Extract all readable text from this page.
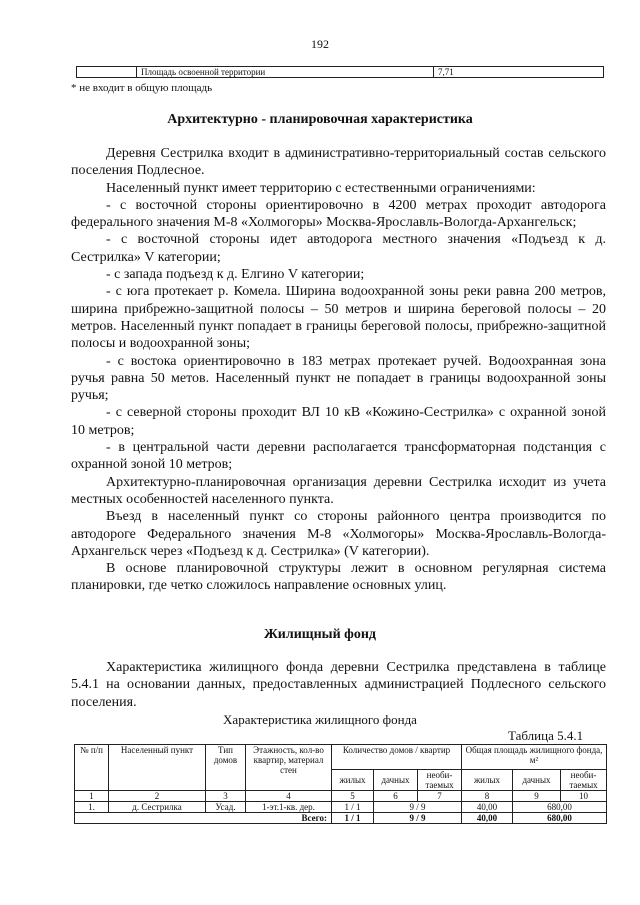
192
Площадь освоенной территории	7,71
* не входит в общую площадь
Архитектурно - планировочная характеристика

Деревня Сестрилка входит в административно-территориальный состав сельского поселения Подлесное.

Населенный пункт имеет территорию с естественными ограничениями:

- с восточной стороны ориентировочно в 4200 метрах проходит автодорога федерального значения М-8 «Холмогоры» Москва-Ярославль-Вологда-Архангельск;

- с восточной стороны идет автодорога местного значения «Подъезд к д. Сестрилка» V категории;

- с запада подъезд к д. Елгино V категории;

- с юга протекает р. Комела. Ширина водоохранной зоны реки равна 200 метров, ширина прибрежно-защитной полосы – 50 метров и ширина береговой полосы – 20 метров. Населенный пункт попадает в границы береговой полосы, прибрежно-защитной полосы и водоохранной зоны;

- с востока ориентировочно в 183 метрах протекает ручей. Водоохранная зона ручья равна 50 метов. Населенный пункт не попадает в границы водоохранной зоны ручья;

- с северной стороны проходит ВЛ 10 кВ «Кожино-Сестрилка» с охранной зоной 10 метров;

- в центральной части деревни располагается трансформаторная подстанция с охранной зоной 10 метров;

Архитектурно-планировочная организация деревни Сестрилка исходит из учета местных особенностей населенного пункта.

Въезд в населенный пункт со стороны районного центра производится по автодороге Федерального значения М-8 «Холмогоры» Москва-Ярославль-Вологда-Архангельск через «Подъезд к д. Сестрилка» (V категории).

В основе планировочной структуры лежит в основном регулярная система планировки, где четко сложилось направление основных улиц.

Жилищный фонд

Характеристика жилищного фонда деревни Сестрилка представлена в таблице 5.4.1 на основании данных, предоставленных администрацией Подлесного сельского поселения.

Характеристика жилищного фонда
Таблица 5.4.1
№ п/п	Населенный пункт	Тип домов	Этажность, кол-во квартир, материал стен	Количество домов / квартир			Общая площадь жилищного фонда, м²		
				жилых	дачных	необи-таемых	жилых	дачных	необи-таемых
1	2	3	4	5	6	7	8	9	10
1.	д. Сестрилка	Усад.	1-эт.1-кв. дер.	1 / 1	9 / 9		40,00	680,00	
Всего:				1 / 1	9 / 9		40,00	680,00	
